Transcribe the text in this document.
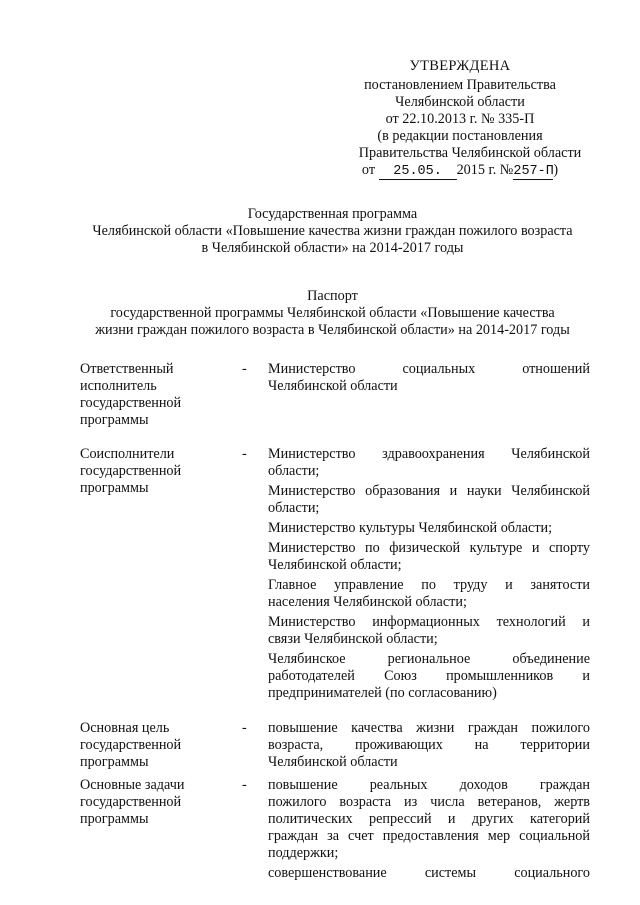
УТВЕРЖДЕНА
постановлением Правительства
Челябинской области
от 22.10.2013 г. № 335-П
(в редакции постановления
Правительства Челябинской области
от 25.05. 2015 г. №257-П)
Государственная программа
Челябинской области «Повышение качества жизни граждан пожилого возраста
в Челябинской области» на 2014-2017 годы
Паспорт
государственной программы Челябинской области «Повышение качества
жизни граждан пожилого возраста в Челябинской области» на 2014-2017 годы
Ответственный
исполнитель
государственной
программы
-	Министерство социальных отношений
Челябинской области
Соисполнители
государственной
программы
-	Министерство здравоохранения Челябинской
области;
Министерство образования и науки Челябинской
области;
Министерство культуры Челябинской области;
Министерство по физической культуре и спорту
Челябинской области;
Главное управление по труду и занятости
населения Челябинской области;
Министерство информационных технологий и
связи Челябинской области;
Челябинское региональное объединение
работодателей Союз промышленников и
предпринимателей (по согласованию)
Основная цель
государственной
программы
-	повышение качества жизни граждан пожилого
возраста, проживающих на территории
Челябинской области
Основные задачи
государственной
программы
-	повышение реальных доходов граждан
пожилого возраста из числа ветеранов, жертв
политических репрессий и других категорий
граждан за счет предоставления мер социальной
поддержки;
совершенствование системы социального
